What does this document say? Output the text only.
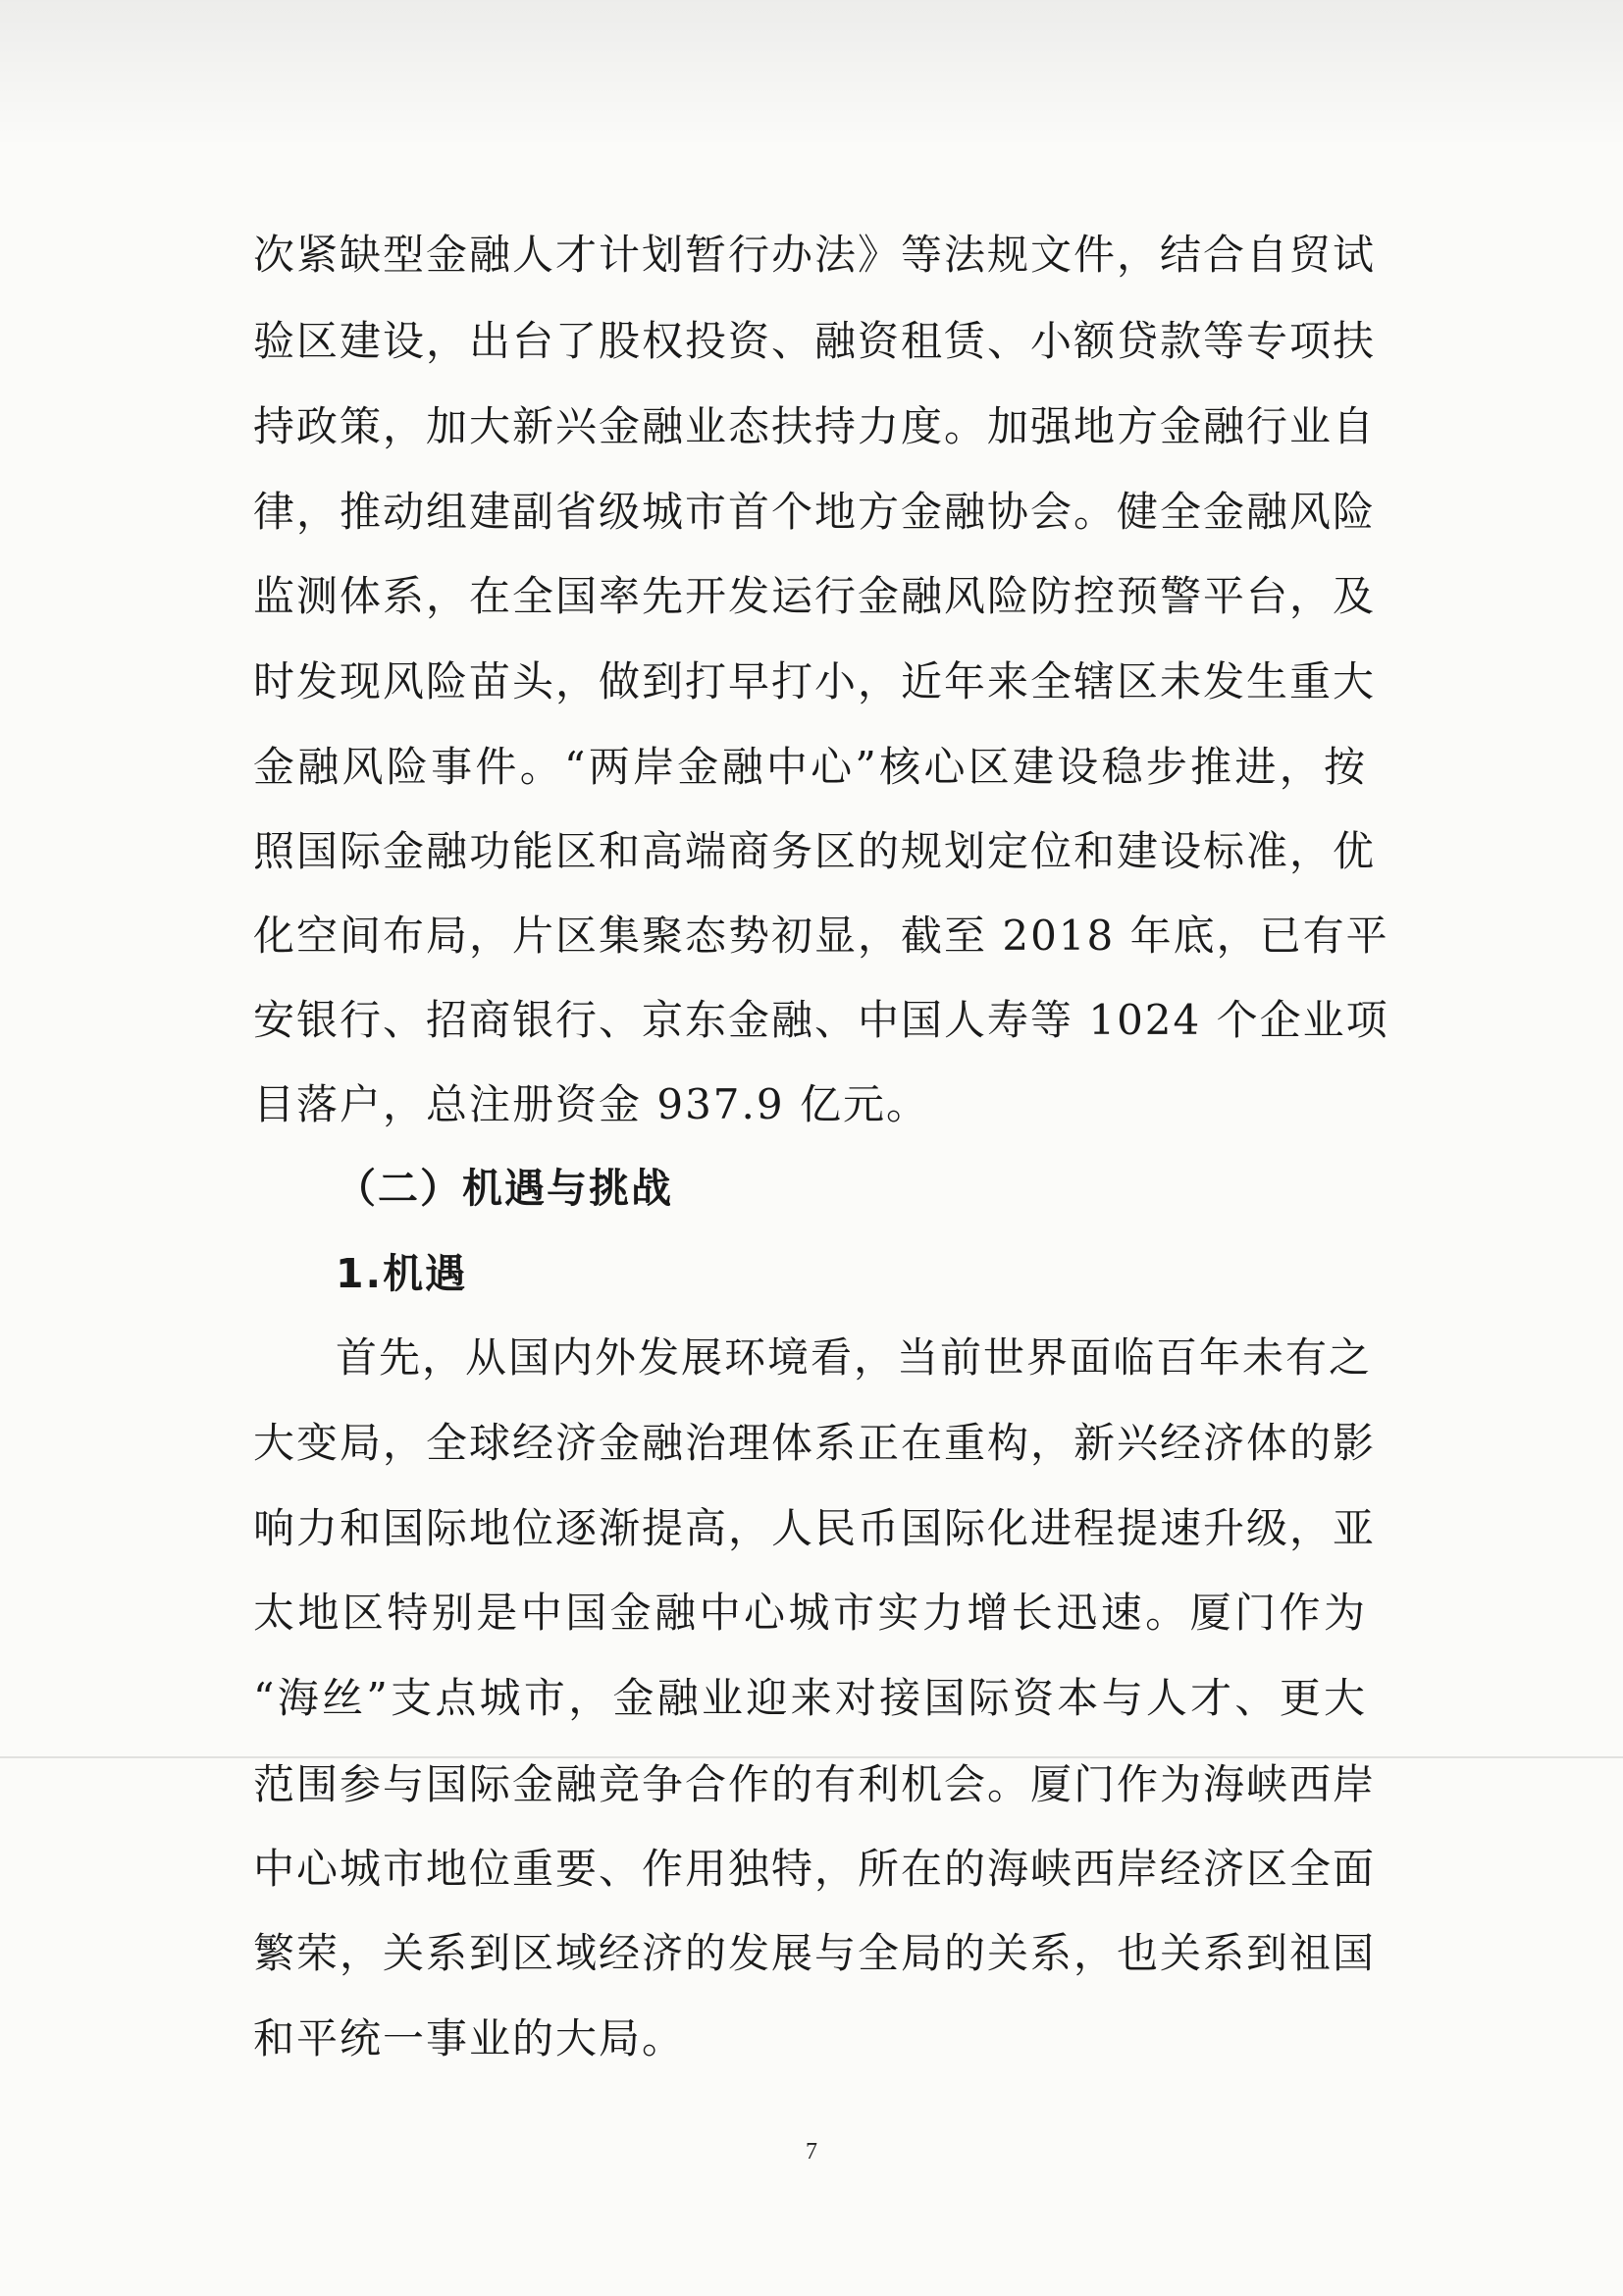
次紧缺型金融人才计划暂行办法》等法规文件，结合自贸试

验区建设，出台了股权投资、融资租赁、小额贷款等专项扶

持政策，加大新兴金融业态扶持力度。加强地方金融行业自

律，推动组建副省级城市首个地方金融协会。健全金融风险

监测体系，在全国率先开发运行金融风险防控预警平台，及

时发现风险苗头，做到打早打小，近年来全辖区未发生重大

金融风险事件。“两岸金融中心”核心区建设稳步推进，按

照国际金融功能区和高端商务区的规划定位和建设标准，优

化空间布局，片区集聚态势初显，截至 2018 年底，已有平

安银行、招商银行、京东金融、中国人寿等 1024 个企业项

目落户，总注册资金 937.9 亿元。

（二）机遇与挑战
1.机遇

首先，从国内外发展环境看，当前世界面临百年未有之

大变局，全球经济金融治理体系正在重构，新兴经济体的影

响力和国际地位逐渐提高，人民币国际化进程提速升级，亚

太地区特别是中国金融中心城市实力增长迅速。厦门作为

“海丝”支点城市，金融业迎来对接国际资本与人才、更大

范围参与国际金融竞争合作的有利机会。厦门作为海峡西岸

中心城市地位重要、作用独特，所在的海峡西岸经济区全面

繁荣，关系到区域经济的发展与全局的关系，也关系到祖国

和平统一事业的大局。

7
